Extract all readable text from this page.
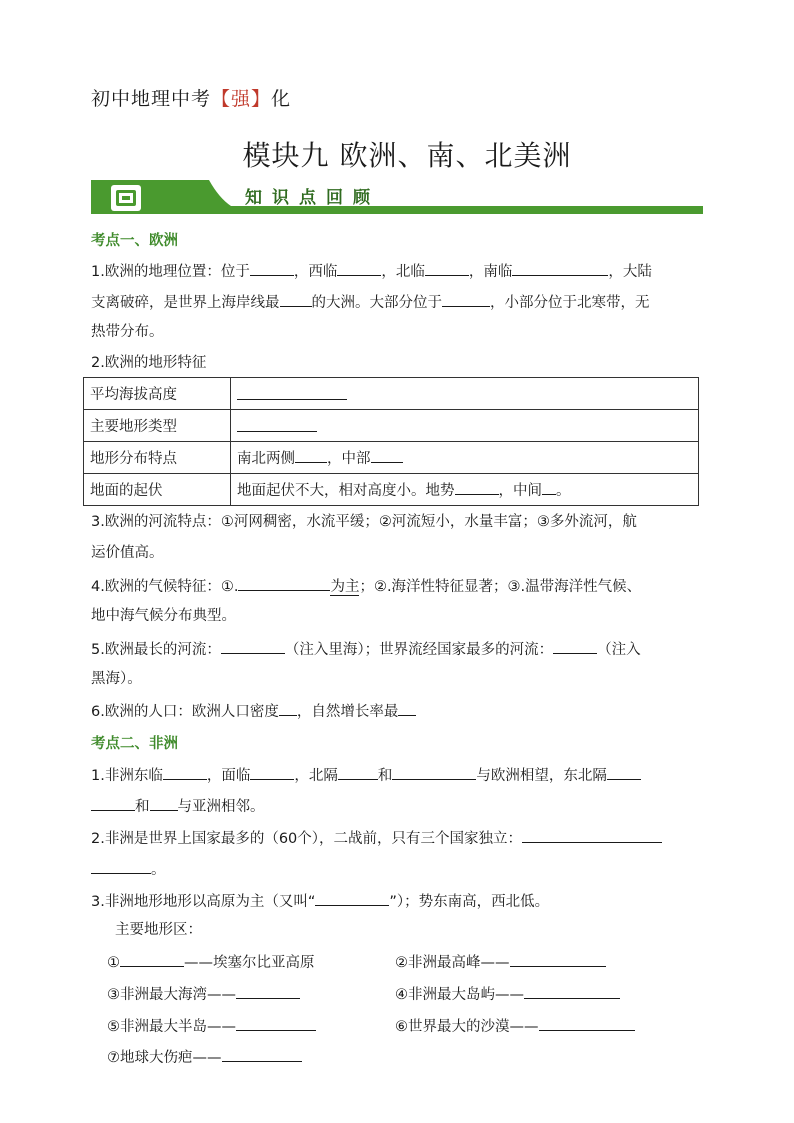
初中地理中考【强】化
模块九 欧洲、南、北美洲
知识点回顾
考点一、欧洲
1.欧洲的地理位置：位于	，西临	，北临	，南临	，大陆
支离破碎，是世界上海岸线最 的大洲。大部分位于	，小部分位于北寒带，无
热带分布。
2.欧洲的地形特征
平均海拔高度	
主要地形类型	
地形分布特点	南北两侧 ，中部
地面的起伏	地面起伏不大，相对高度小。地势 ，中间 。
3.欧洲的河流特点：①河网稠密，水流平缓；②河流短小，水量丰富；③多外流河，航
运价值高。
4.欧洲的气候特征：①.	为主；②.海洋性特征显著；③.温带海洋性气候、
地中海气候分布典型。
5.欧洲最长的河流：	（注入里海）；世界流经国家最多的河流：	（注入
黑海）。
6.欧洲的人口：欧洲人口密度 ，自然增长率最
考点二、非洲
1.非洲东临	，面临	，北隔	和	与欧洲相望，东北隔
和 与亚洲相邻。
2.非洲是世界上国家最多的（60个），二战前，只有三个国家独立：
。
3.非洲地形地形以高原为主（又叫“	”）；势东南高，西北低。
主要地形区：
①	——埃塞尔比亚高原	②非洲最高峰——
③非洲最大海湾——	④非洲最大岛屿——
⑤非洲最大半岛——	⑥世界最大的沙漠——
⑦地球大伤疤——
